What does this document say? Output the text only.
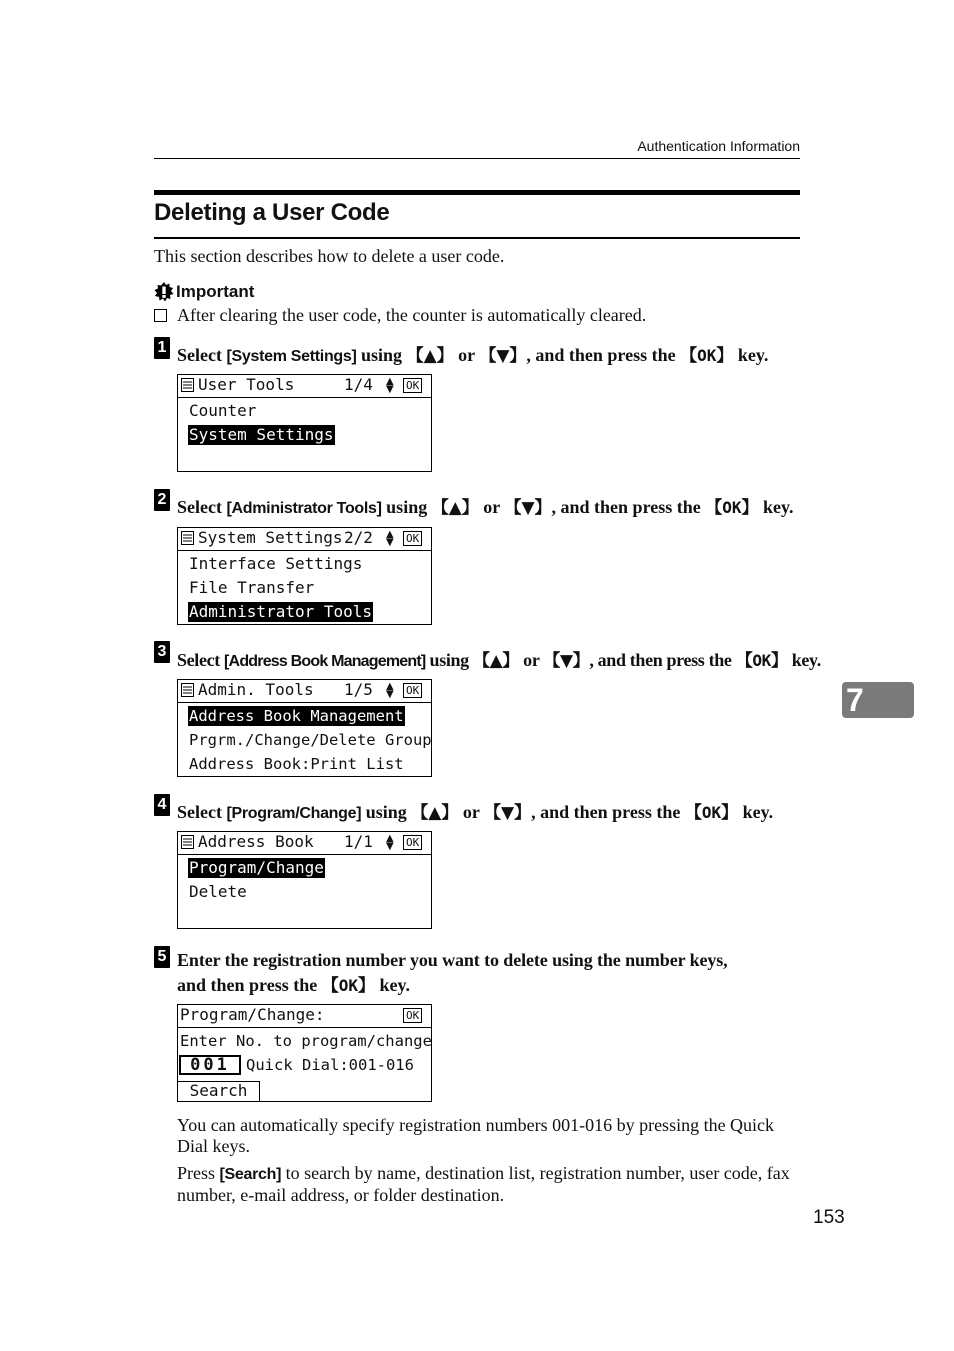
Authentication Information
Deleting a User Code
This section describes how to delete a user code.
Important
After clearing the user code, the counter is automatically cleared.
1 Select [System Settings] using 【▲】 or 【▼】, and then press the 【OK】 key.
User Tools	1/4 ▲
▼ OK
Counter
System Settings
2 Select [Administrator Tools] using 【▲】 or 【▼】, and then press the 【OK】 key.
System Settings 2/2 ▲
▼ OK
Interface Settings
File Transfer
Administrator Tools
3 Select [Address Book Management] using 【▲】 or 【▼】, and then press the 【OK】 key.
Admin. Tools 1/5 ▲
▼ OK
Address Book Management
Prgrm./Change/Delete Group
Address Book:Print List
4 Select [Program/Change] using 【▲】 or 【▼】, and then press the 【OK】 key.
Address Book 1/1 ▲
▼ OK
Program/Change
Delete
5 Enter the registration number you want to delete using the number keys,
and then press the 【OK】 key.
Program/Change:	OK
Enter No. to program/change
001	Quick Dial:001-016
Search
You can automatically specify registration numbers 001-016 by pressing the Quick Dial keys.
Press [Search] to search by name, destination list, registration number, user code, fax number, e-mail address, or folder destination.
7
153
